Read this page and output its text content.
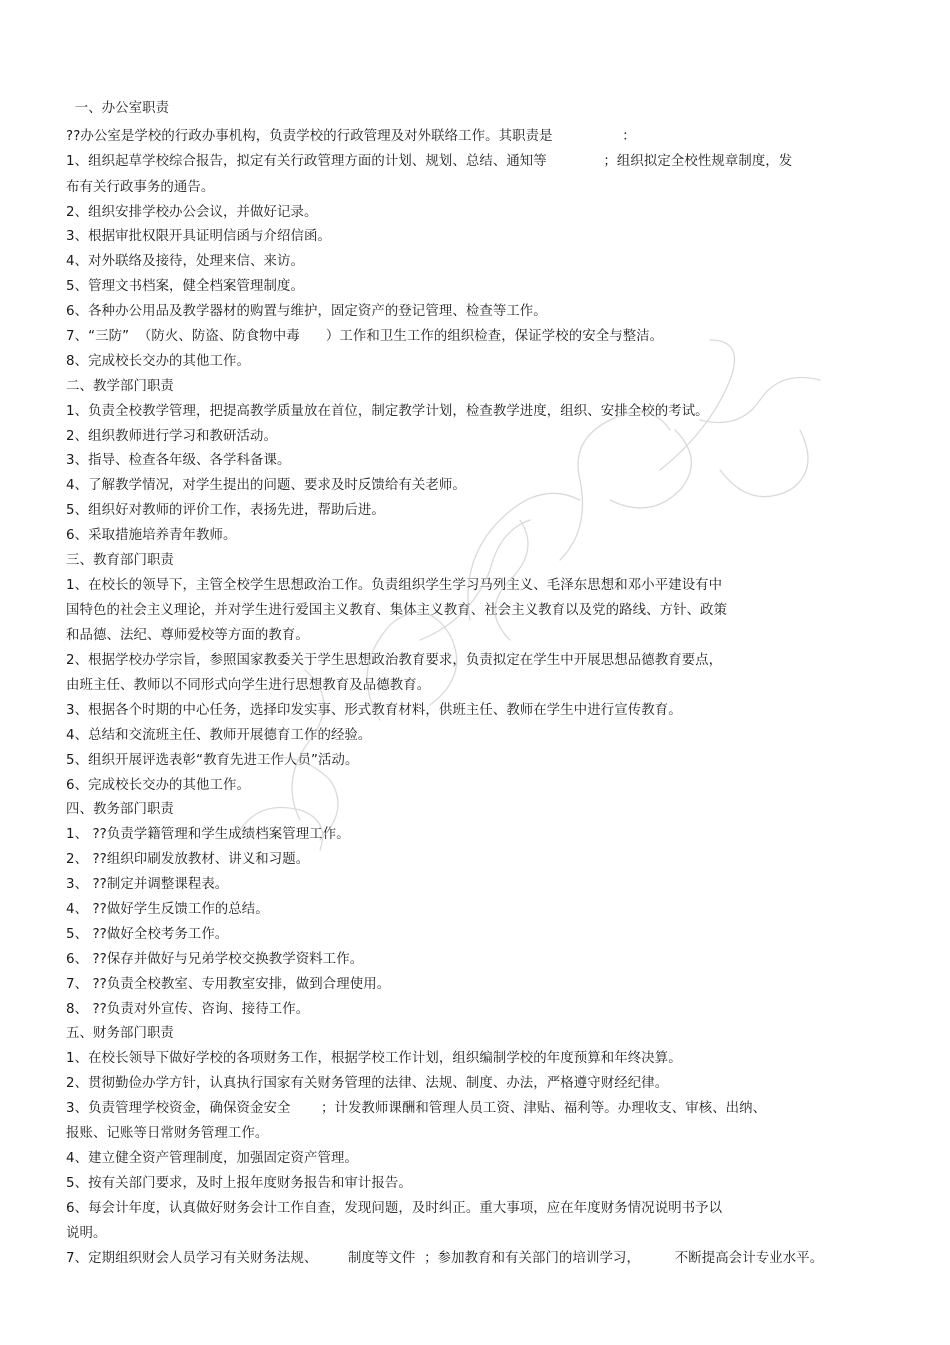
一、办公室职责
??办公室是学校的行政办事机构，负责学校的行政管理及对外联络工作。其职责是                ：
1、组织起草学校综合报告，拟定有关行政管理方面的计划、规划、总结、通知等             ；组织拟定全校性规章制度，发
布有关行政事务的通告。
2、组织安排学校办公会议，并做好记录。
3、根据审批权限开具证明信函与介绍信函。
4、对外联络及接待，处理来信、来访。
5、管理文书档案，健全档案管理制度。
6、各种办公用品及教学器材的购置与维护，固定资产的登记管理、检查等工作。
7、“三防”  （防火、防盗、防食物中毒      ）工作和卫生工作的组织检查，保证学校的安全与整洁。
8、完成校长交办的其他工作。
二、教学部门职责
1、负责全校教学管理，把提高教学质量放在首位，制定教学计划，检查教学进度，组织、安排全校的考试。
2、组织教师进行学习和教研活动。
3、指导、检查各年级、各学科备课。
4、了解教学情况，对学生提出的问题、要求及时反馈给有关老师。
5、组织好对教师的评价工作，表扬先进，帮助后进。
6、采取措施培养青年教师。
三、教育部门职责
1、在校长的领导下，主管全校学生思想政治工作。负责组织学生学习马列主义、毛泽东思想和邓小平建设有中
国特色的社会主义理论，并对学生进行爱国主义教育、集体主义教育、社会主义教育以及党的路线、方针、政策
和品德、法纪、尊师爱校等方面的教育。
2、根据学校办学宗旨，参照国家教委关于学生思想政治教育要求，负责拟定在学生中开展思想品德教育要点，
由班主任、教师以不同形式向学生进行思想教育及品德教育。
3、根据各个时期的中心任务，选择印发实事、形式教育材料，供班主任、教师在学生中进行宣传教育。
4、总结和交流班主任、教师开展德育工作的经验。
5、组织开展评选表彰“教育先进工作人员”活动。
6、完成校长交办的其他工作。
四、教务部门职责
1、 ??负责学籍管理和学生成绩档案管理工作。
2、 ??组织印刷发放教材、讲义和习题。
3、 ??制定并调整课程表。
4、 ??做好学生反馈工作的总结。
5、 ??做好全校考务工作。
6、 ??保存并做好与兄弟学校交换教学资料工作。
7、 ??负责全校教室、专用教室安排，做到合理使用。
8、 ??负责对外宣传、咨询、接待工作。
五、财务部门职责
1、在校长领导下做好学校的各项财务工作，根据学校工作计划，组织编制学校的年度预算和年终决算。
2、贯彻勤俭办学方针，认真执行国家有关财务管理的法律、法规、制度、办法，严格遵守财经纪律。
3、负责管理学校资金，确保资金安全       ；计发教师课酬和管理人员工资、津贴、福利等。办理收支、审核、出纳、
报账、记账等日常财务管理工作。
4、建立健全资产管理制度，加强固定资产管理。
5、按有关部门要求，及时上报年度财务报告和审计报告。
6、每会计年度，认真做好财务会计工作自查，发现问题，及时纠正。重大事项，应在年度财务情况说明书予以
说明。
7、定期组织财会人员学习有关财务法规、       制度等文件  ；参加教育和有关部门的培训学习，        不断提高会计专业水平。
